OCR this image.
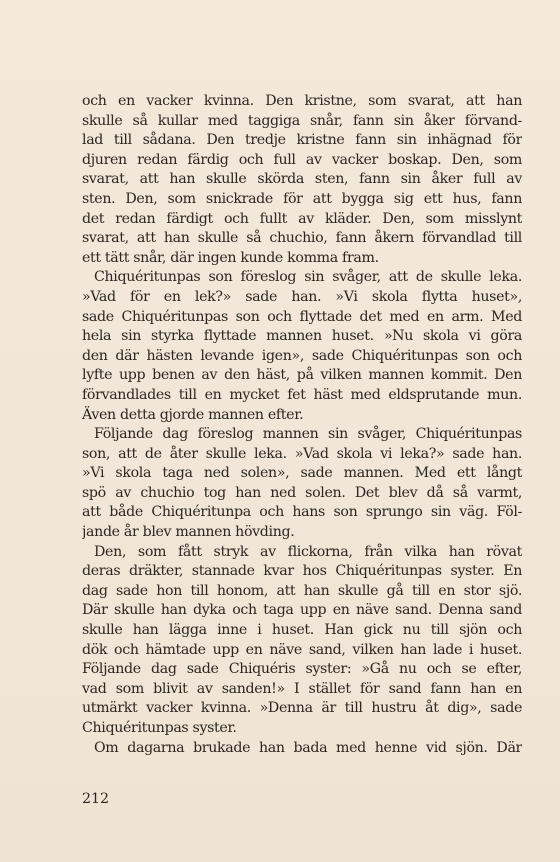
och en vacker kvinna. Den kristne, som svarat, att han
skulle så kullar med taggiga snår, fann sin åker förvand-
lad till sådana. Den tredje kristne fann sin inhägnad för
djuren redan färdig och full av vacker boskap. Den, som
svarat, att han skulle skörda sten, fann sin åker full av
sten. Den, som snickrade för att bygga sig ett hus, fann
det redan färdigt och fullt av kläder. Den, som misslynt
svarat, att han skulle så chuchio, fann åkern förvandlad till
ett tätt snår, där ingen kunde komma fram.
Chiquéritunpas son föreslog sin svåger, att de skulle leka.
»Vad för en lek?» sade han. »Vi skola flytta huset»,
sade Chiquéritunpas son och flyttade det med en arm. Med
hela sin styrka flyttade mannen huset. »Nu skola vi göra
den där hästen levande igen», sade Chiquéritunpas son och
lyfte upp benen av den häst, på vilken mannen kommit. Den
förvandlades till en mycket fet häst med eldsprutande mun.
Även detta gjorde mannen efter.
Följande dag föreslog mannen sin svåger, Chiquéritunpas
son, att de åter skulle leka. »Vad skola vi leka?» sade han.
»Vi skola taga ned solen», sade mannen. Med ett långt
spö av chuchio tog han ned solen. Det blev då så varmt,
att både Chiquéritunpa och hans son sprungo sin väg. Föl-
jande år blev mannen hövding.
Den, som fått stryk av flickorna, från vilka han rövat
deras dräkter, stannade kvar hos Chiquéritunpas syster. En
dag sade hon till honom, att han skulle gå till en stor sjö.
Där skulle han dyka och taga upp en näve sand. Denna sand
skulle han lägga inne i huset. Han gick nu till sjön och
dök och hämtade upp en näve sand, vilken han lade i huset.
Följande dag sade Chiquéris syster: »Gå nu och se efter,
vad som blivit av sanden!» I stället för sand fann han en
utmärkt vacker kvinna. »Denna är till hustru åt dig», sade
Chiquéritunpas syster.
Om dagarna brukade han bada med henne vid sjön. Där
212
